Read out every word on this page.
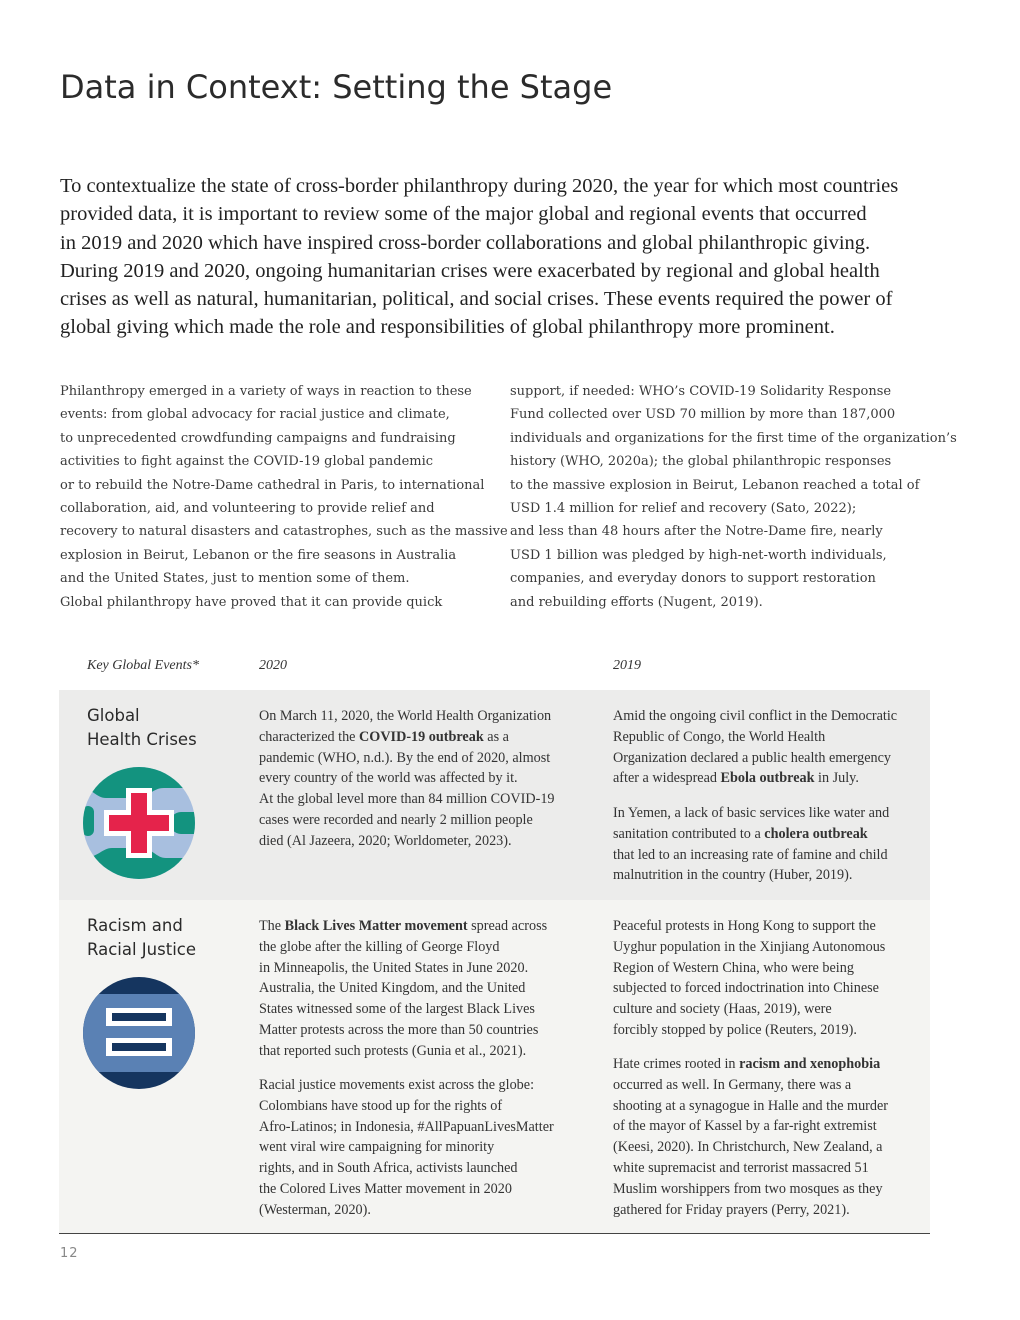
Data in Context: Setting the Stage

To contextualize the state of cross-border philanthropy during 2020, the year for which most countries
provided data, it is important to review some of the major global and regional events that occurred
in 2019 and 2020 which have inspired cross-border collaborations and global philanthropic giving.
During 2019 and 2020, ongoing humanitarian crises were exacerbated by regional and global health
crises as well as natural, humanitarian, political, and social crises. These events required the power of
global giving which made the role and responsibilities of global philanthropy more prominent.

Philanthropy emerged in a variety of ways in reaction to these
events: from global advocacy for racial justice and climate,
to unprecedented crowdfunding campaigns and fundraising
activities to fight against the COVID-19 global pandemic
or to rebuild the Notre-Dame cathedral in Paris, to international
collaboration, aid, and volunteering to provide relief and
recovery to natural disasters and catastrophes, such as the massive
explosion in Beirut, Lebanon or the fire seasons in Australia
and the United States, just to mention some of them.
Global philanthropy have proved that it can provide quick

support, if needed: WHO’s COVID-19 Solidarity Response
Fund collected over USD 70 million by more than 187,000
individuals and organizations for the first time of the organization’s
history (WHO, 2020a); the global philanthropic responses
to the massive explosion in Beirut, Lebanon reached a total of
USD 1.4 million for relief and recovery (Sato, 2022);
and less than 48 hours after the Notre-Dame fire, nearly
USD 1 billion was pledged by high-net-worth individuals,
companies, and everyday donors to support restoration
and rebuilding efforts (Nugent, 2019).

Key Global Events*	2020	2019
Global
Health Crises
On March 11, 2020, the World Health Organization
characterized the COVID-19 outbreak as a
pandemic (WHO, n.d.). By the end of 2020, almost
every country of the world was affected by it.
At the global level more than 84 million COVID-19
cases were recorded and nearly 2 million people
died (Al Jazeera, 2020; Worldometer, 2023).
Amid the ongoing civil conflict in the Democratic
Republic of Congo, the World Health
Organization declared a public health emergency
after a widespread Ebola outbreak in July.
In Yemen, a lack of basic services like water and
sanitation contributed to a cholera outbreak
that led to an increasing rate of famine and child
malnutrition in the country (Huber, 2019).
Racism and
Racial Justice
The Black Lives Matter movement spread across
the globe after the killing of George Floyd
in Minneapolis, the United States in June 2020.
Australia, the United Kingdom, and the United
States witnessed some of the largest Black Lives
Matter protests across the more than 50 countries
that reported such protests (Gunia et al., 2021).
Racial justice movements exist across the globe:
Colombians have stood up for the rights of
Afro-Latinos; in Indonesia, #AllPapuanLivesMatter
went viral wire campaigning for minority
rights, and in South Africa, activists launched
the Colored Lives Matter movement in 2020
(Westerman, 2020).
Peaceful protests in Hong Kong to support the
Uyghur population in the Xinjiang Autonomous
Region of Western China, who were being
subjected to forced indoctrination into Chinese
culture and society (Haas, 2019), were
forcibly stopped by police (Reuters, 2019).
Hate crimes rooted in racism and xenophobia
occurred as well. In Germany, there was a
shooting at a synagogue in Halle and the murder
of the mayor of Kassel by a far-right extremist
(Keesi, 2020). In Christchurch, New Zealand, a
white supremacist and terrorist massacred 51
Muslim worshippers from two mosques as they
gathered for Friday prayers (Perry, 2021).
12
